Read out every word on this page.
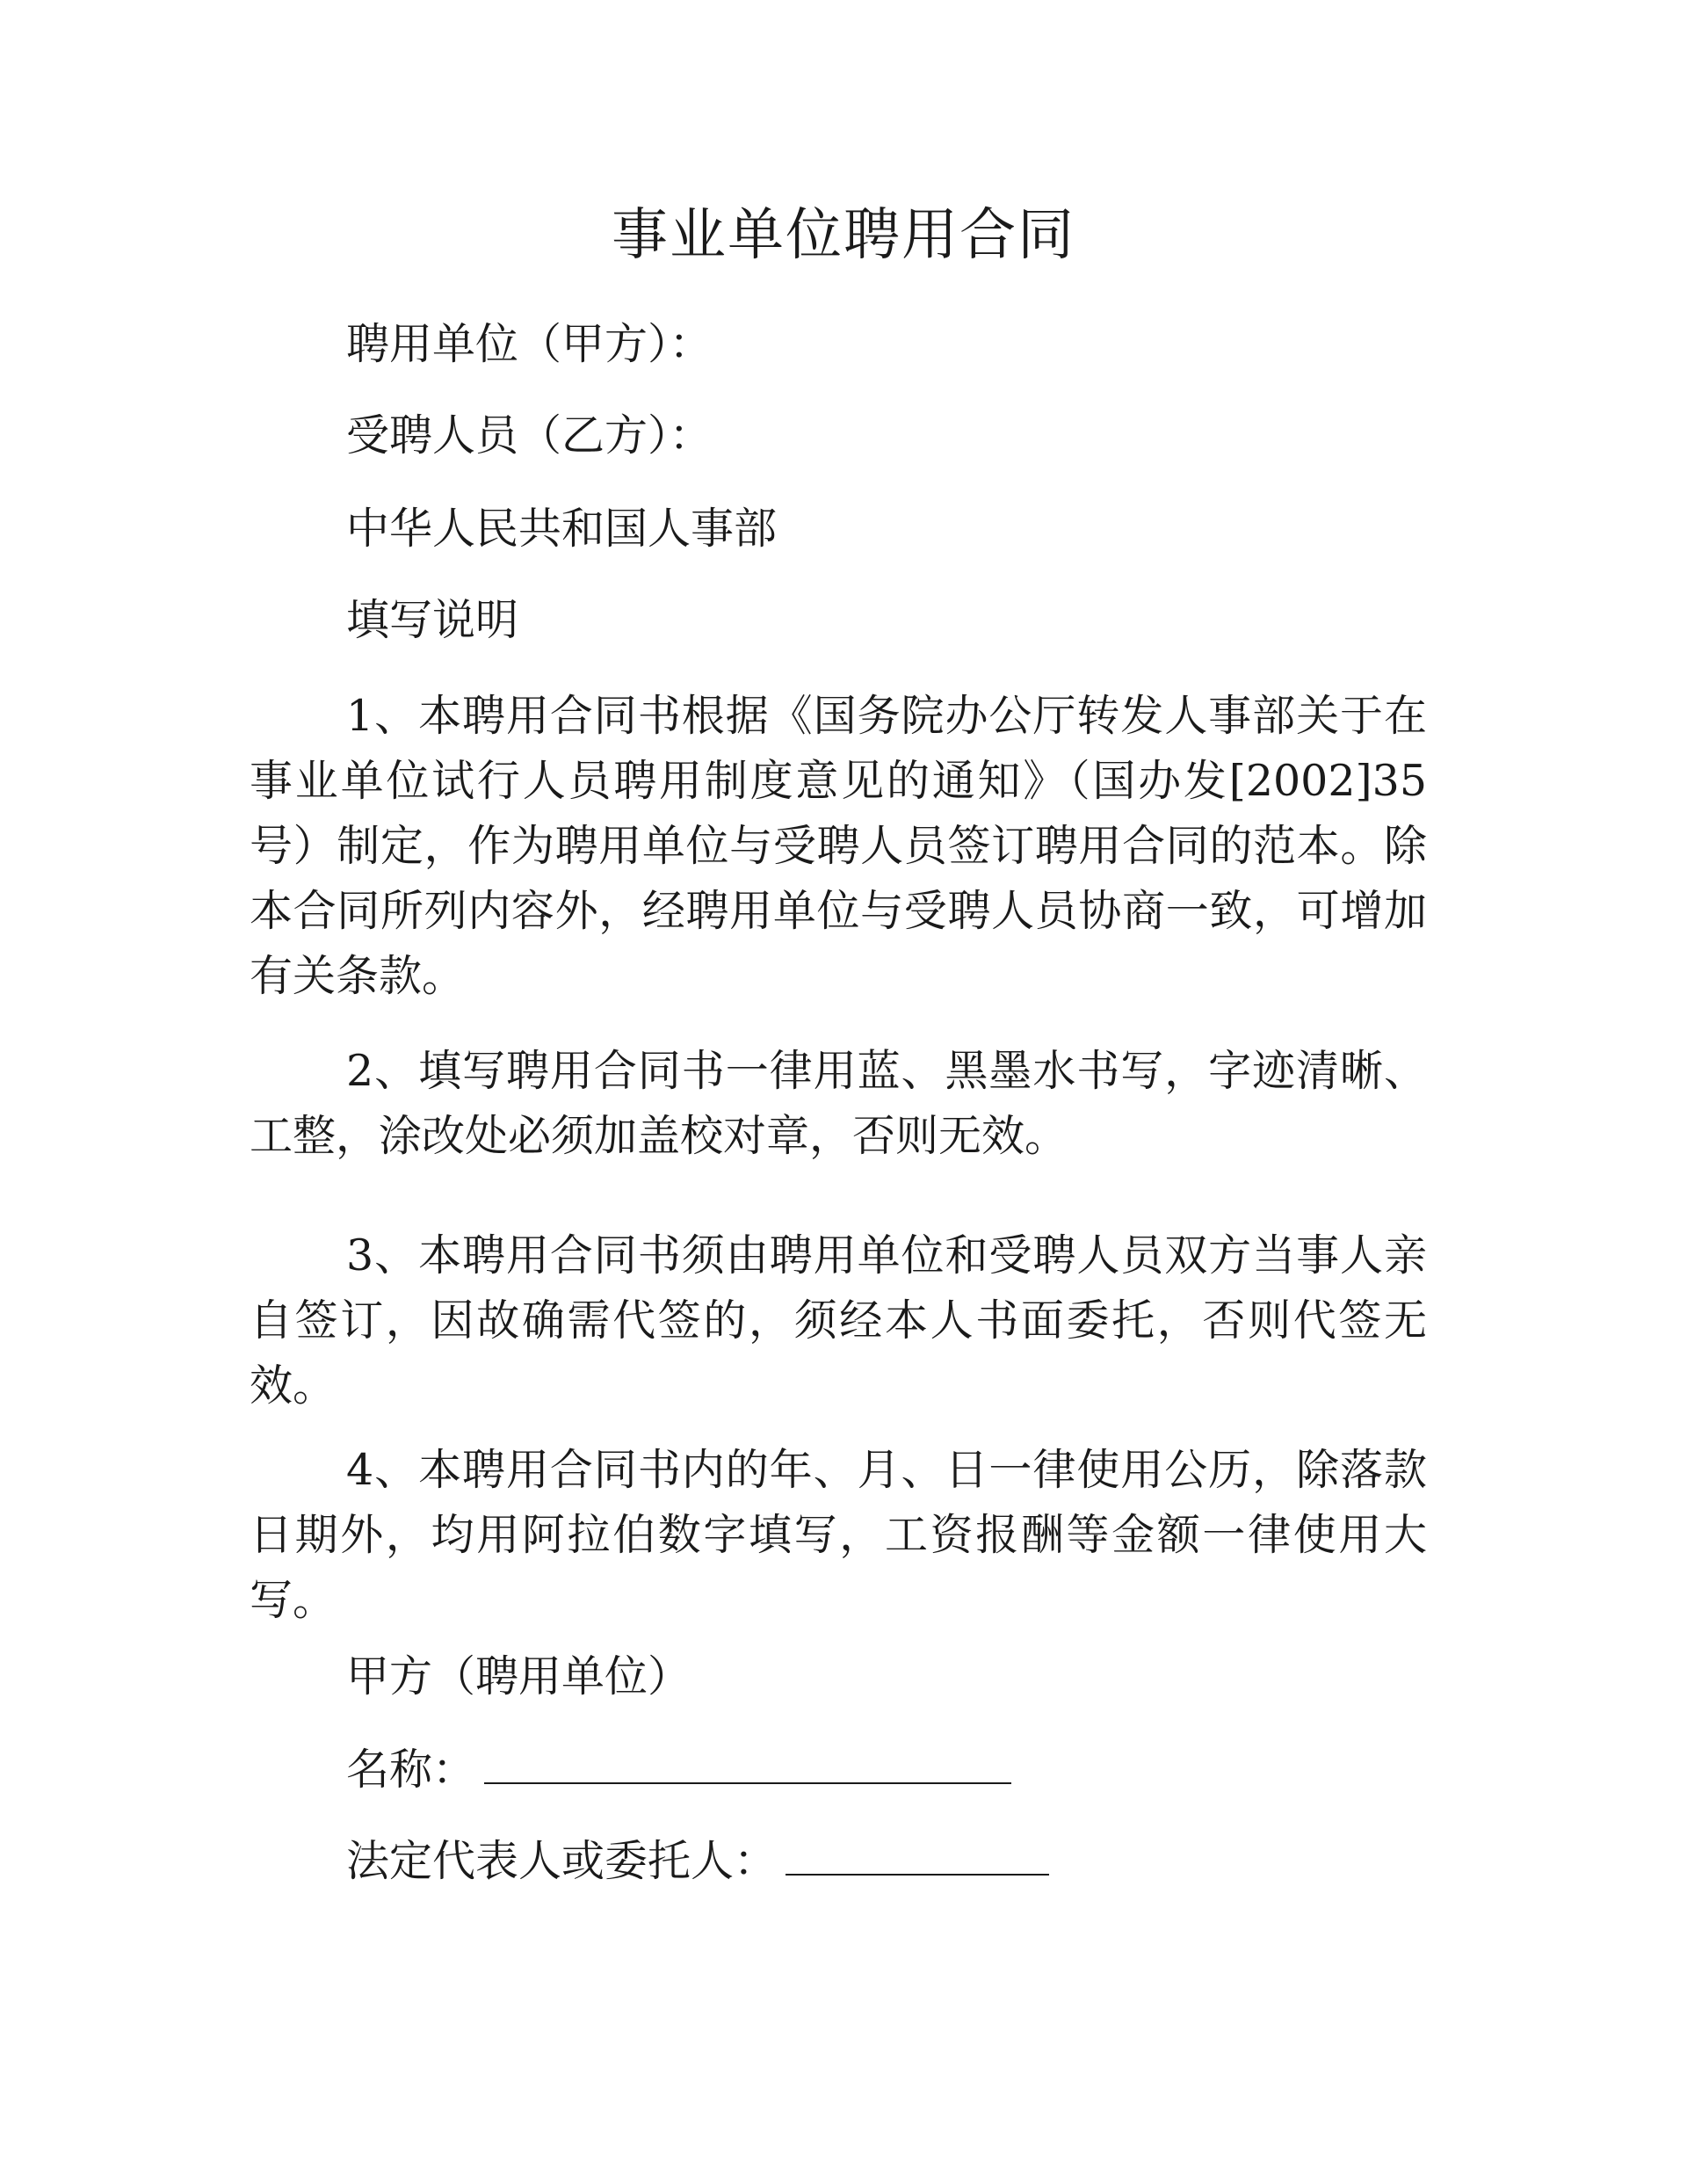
事业单位聘用合同

聘用单位（甲方）：

受聘人员（乙方）：

中华人民共和国人事部

填写说明

1、本聘用合同书根据《国务院办公厅转发人事部关于在事业单位试行人员聘用制度意见的通知》（国办发[2002]35号）制定，作为聘用单位与受聘人员签订聘用合同的范本。除本合同所列内容外，经聘用单位与受聘人员协商一致，可增加有关条款。

2、填写聘用合同书一律用蓝、黑墨水书写，字迹清晰、工整，涂改处必须加盖校对章，否则无效。

3、本聘用合同书须由聘用单位和受聘人员双方当事人亲自签订，因故确需代签的，须经本人书面委托，否则代签无效。

4、本聘用合同书内的年、月、日一律使用公历，除落款日期外，均用阿拉伯数字填写，工资报酬等金额一律使用大写。

甲方（聘用单位）

名称：

法定代表人或委托人：
